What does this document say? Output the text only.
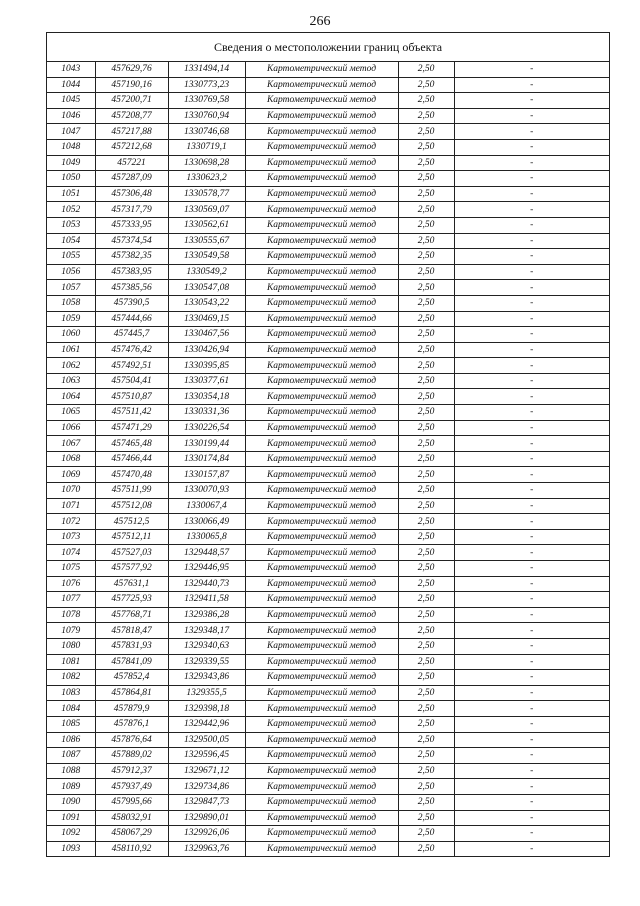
266
Сведения о местоположении границ объекта
1043	457629,76	1331494,14	Картометрический метод	2,50	-
1044	457190,16	1330773,23	Картометрический метод	2,50	-
1045	457200,71	1330769,58	Картометрический метод	2,50	-
1046	457208,77	1330760,94	Картометрический метод	2,50	-
1047	457217,88	1330746,68	Картометрический метод	2,50	-
1048	457212,68	1330719,1	Картометрический метод	2,50	-
1049	457221	1330698,28	Картометрический метод	2,50	-
1050	457287,09	1330623,2	Картометрический метод	2,50	-
1051	457306,48	1330578,77	Картометрический метод	2,50	-
1052	457317,79	1330569,07	Картометрический метод	2,50	-
1053	457333,95	1330562,61	Картометрический метод	2,50	-
1054	457374,54	1330555,67	Картометрический метод	2,50	-
1055	457382,35	1330549,58	Картометрический метод	2,50	-
1056	457383,95	1330549,2	Картометрический метод	2,50	-
1057	457385,56	1330547,08	Картометрический метод	2,50	-
1058	457390,5	1330543,22	Картометрический метод	2,50	-
1059	457444,66	1330469,15	Картометрический метод	2,50	-
1060	457445,7	1330467,56	Картометрический метод	2,50	-
1061	457476,42	1330426,94	Картометрический метод	2,50	-
1062	457492,51	1330395,85	Картометрический метод	2,50	-
1063	457504,41	1330377,61	Картометрический метод	2,50	-
1064	457510,87	1330354,18	Картометрический метод	2,50	-
1065	457511,42	1330331,36	Картометрический метод	2,50	-
1066	457471,29	1330226,54	Картометрический метод	2,50	-
1067	457465,48	1330199,44	Картометрический метод	2,50	-
1068	457466,44	1330174,84	Картометрический метод	2,50	-
1069	457470,48	1330157,87	Картометрический метод	2,50	-
1070	457511,99	1330070,93	Картометрический метод	2,50	-
1071	457512,08	1330067,4	Картометрический метод	2,50	-
1072	457512,5	1330066,49	Картометрический метод	2,50	-
1073	457512,11	1330065,8	Картометрический метод	2,50	-
1074	457527,03	1329448,57	Картометрический метод	2,50	-
1075	457577,92	1329446,95	Картометрический метод	2,50	-
1076	457631,1	1329440,73	Картометрический метод	2,50	-
1077	457725,93	1329411,58	Картометрический метод	2,50	-
1078	457768,71	1329386,28	Картометрический метод	2,50	-
1079	457818,47	1329348,17	Картометрический метод	2,50	-
1080	457831,93	1329340,63	Картометрический метод	2,50	-
1081	457841,09	1329339,55	Картометрический метод	2,50	-
1082	457852,4	1329343,86	Картометрический метод	2,50	-
1083	457864,81	1329355,5	Картометрический метод	2,50	-
1084	457879,9	1329398,18	Картометрический метод	2,50	-
1085	457876,1	1329442,96	Картометрический метод	2,50	-
1086	457876,64	1329500,05	Картометрический метод	2,50	-
1087	457889,02	1329596,45	Картометрический метод	2,50	-
1088	457912,37	1329671,12	Картометрический метод	2,50	-
1089	457937,49	1329734,86	Картометрический метод	2,50	-
1090	457995,66	1329847,73	Картометрический метод	2,50	-
1091	458032,91	1329890,01	Картометрический метод	2,50	-
1092	458067,29	1329926,06	Картометрический метод	2,50	-
1093	458110,92	1329963,76	Картометрический метод	2,50	-
